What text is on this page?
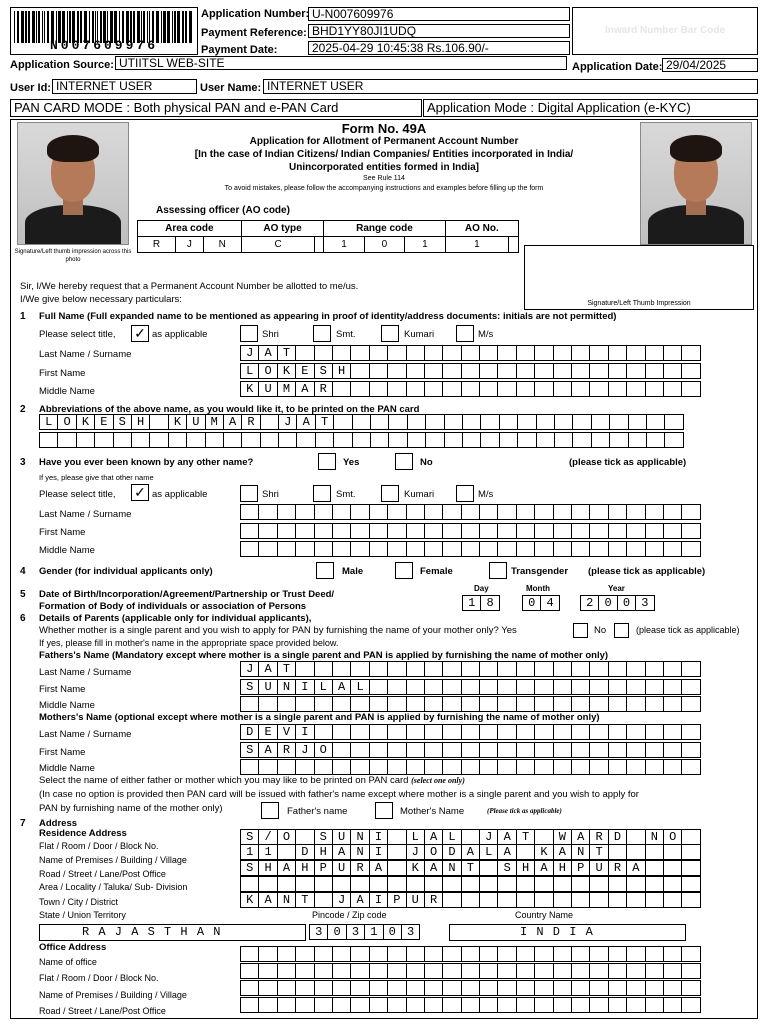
N007609976
Application Number: U-N007609976
Payment Reference: BHD1YY80JI1UDQ
Payment Date:	2025-04-29 10:45:38 Rs.106.90/-
Inward Number Bar Code
Application Source: UTIITSL WEB-SITE	Application Date: 29/04/2025
User Id: INTERNET USER	User Name: INTERNET USER
PAN CARD MODE : Both physical PAN and e-PAN Card	Application Mode : Digital Application (e-KYC)
Signature/Left thumb impression across this photo
Signature/Left Thumb Impression
Form No. 49A
Application for Allotment of Permanent Account Number
[In the case of Indian Citizens/ Indian Companies/ Entities incorporated in India/
Unincorporated entities formed in India]
See Rule 114
To avoid mistakes, please follow the accompanying instructions and examples before filling up the form
Assessing officer (AO code)
Area code			AO type		Range code			AO No.	
R	J	N	C		1	0	1	1	
Sir, I/We hereby request that a Permanent Account Number be allotted to me/us.
I/We give below necessary particulars:
1 Full Name (Full expanded name to be mentioned as appearing in proof of identity/address documents: initials are not permitted)
Please select title, ✓ as applicable	Shri	Smt.	Kumari	M/s
Last Name / Surname	J A T
First Name	L O K E S H
Middle Name	K U M A R
2 Abbreviations of the above name, as you would like it, to be printed on the PAN card
L O K E S H	K U M A R	J A T
3 Have you ever been known by any other name?	Yes	No	(please tick as applicable)
If yes, please give that other name
Please select title, ✓ as applicable	Shri	Smt.	Kumari	M/s
Last Name / Surname
First Name
Middle Name
4 Gender (for individual applicants only)	Male	Female	Transgender (please tick as applicable)
5 Date of Birth/Incorporation/Agreement/Partnership or Trust Deed/
Formation of Body of individuals or association of Persons
Day	Month	Year
1 8	0 4	2 0 0 3
6 Details of Parents (applicable only for individual applicants),
Whether mother is a single parent and you wish to apply for PAN by furnishing the name of your mother only? Yes	No	(please tick as applicable)
If yes, please fill in mother's name in the appropriate space provided below.
Fathers's Name (Mandatory except where mother is a single parent and PAN is applied by furnishing the name of mother only)
Last Name / Surname	J A T
First Name	S U N I L A L
Middle Name
Mothers's Name (optional except where mother is a single parent and PAN is applied by furnishing the name of mother only)
Last Name / Surname	D E V I
First Name	S A R J O
Middle Name
Select the name of either father or mother which you may like to be printed on PAN card (select one only)
(In case no option is provided then PAN card will be issued with father's name except where mother is a single parent and you wish to apply for
PAN by furnishing name of the mother only)	Father's name	Mother's Name	(Please tick as applicable)
7 Address
Residence Address
Flat / Room / Door / Block No.
S / O	S U N I	L A L	J A T	W A R D	N O
1 1	D H A N I	J O D A L A	K A N T
Name of Premises / Building / Village
S H A H P U R A	K A N T	S H A H P U R A
Road / Street / Lane/Post Office
Area / Locality / Taluka/ Sub- Division
Town / City / District	K A N T	J A I P U R
State / Union Territory	Pincode / Zip code	Country Name
R A J A S T H A N	3 0 3 1 0 3	I N D I A
Office Address
Name of office
Flat / Room / Door / Block No.
Name of Premises / Building / Village
Road / Street / Lane/Post Office
